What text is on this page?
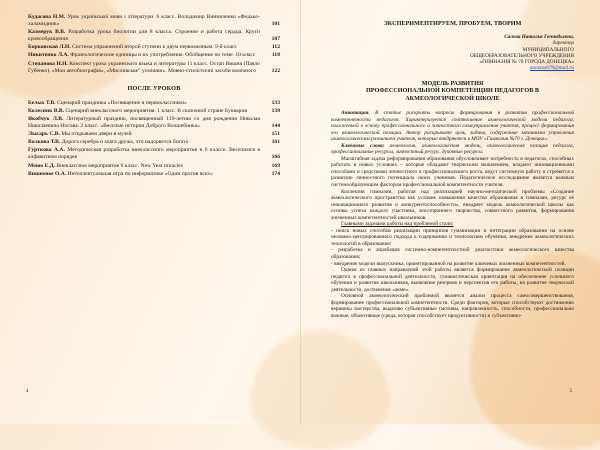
Кудасова Н.М. Урок української мови і літератури. 6 класс. Володимир Винниченко «Федько-халамидник»	101
Казмерук В.В. Разработка урока биологии для 8 класса. Строение и работа сердца. Круги кровообращения	107
Борковская Л.Н. Система упражнений второй ступени к двум первомизным. 9-й класс	112
Никитенко Л.А. Фразеологические единицы и их употребление. Обобщение по теме. 10 класс	118
Степанова Н.Н. Конспект урока украинского языка и литературы 11 класс. Остап Вишня (Павло Губенко). «Мои автобиографія», «Мисливське” усмішки». Мовно-стилістичні засоби комічного	122
ПОСЛЕ УРОКОВ
Белых Т.В. Сценарий праздника «Посвящение в первоклассники»	133
Колесник В.В. Сценарий внеклассного мероприятия. 1 класс. В сказочной стране Букварии	138
Якобчук Л.В. Литературный праздник, посвященный 110-летию со дня рождения Николая Николаевича Носова. 2 класс. «Веселые истории Доброго Волшебника»	144
Лысарь С.В. Мы открываем двери в музей	151
Волкова Т.В. Дорога серебра и злата дружа, что надорвется богата	161
Гурткова А.А. Методическая разработка внеклассного мероприятия в 6 классе. Веселимся в алфавитном порядке	166
Мешо Е.Д. Внеклассное мероприятие 6 класс. New Year miracles	169
Вишневое О.А. Интеллектуальная игра по информатике «Один против всех»	174
4
ЭКСПЕРИМЕНТИРУЕМ, ПРОБУЕМ, ТВОРИМ
Салова Наталья Геннадьевна,
директор
МУНИЦИПАЛЬНОГО
ОБЩЕОБРАЗОВАТЕЛЬНОГО УЧРЕЖДЕНИЯ
«ГИМНАЗИЯ № 70 ГОРОДА ДОНЕЦКА»
donszosh70@mail.ru
МОДЕЛЬ РАЗВИТИЯ
ПРОФЕССИОНАЛЬНОЙ КОМПЕТЕНЦИИ ПЕДАГОГОВ В
АКМЕОЛОГИЧЕСКОЙ ШКОЛЕ

Аннотация. В статье раскрыты вопросы формирования и развития профессиональной компетентности педагогов. Характеризуется соотношение акмеологической модели педагога, положенной в основу профессионального и личностного самоуправления учителя, процесс формирования его акмеологической позиции. Автор раскрывает цель, задачи, содержание механизма управления акмеологическим развитием учителя, которые внедряются в МОУ «Гимназия №70 г. Донецка».

Ключевые слова: акмеология, акмеологическая модель, акмеологическая позиция педагога, профессиональные ресурсы, личностный ресурс, духовные ресурсы.

Масштабная задача реформирования образования обусловливает потребность в педагогах, способных работать в новых условиях – которые обладают творческим мышлением, владеют инновационными способами и средствами личностного и профессионального роста, ведут системную работу и стремятся к развитию личностного потенциала своих учеников. Педагогическое исследование является важным системообразующим фактором профессиональной компетентности учителя.

Коллектив гимназии, работая над реализацией научно-методической проблемы «Создание акмеологического пространства как условие повышения качества образования в гимназии, ресурс её инновационного развития и конкурентоспособности», внедряет модель акмеологической школы как основы успеха каждого участника, всестороннего творчества, совместного развития, формирования жизненных компетентностей школьников.

Главными задачами работы над проблемой стали:

- поиск новых способов реализации принципов гуманизации и интеграции образования на основе человеко-центрированного подхода к содержанию и технологиям обучения, внедрение акмеологических технологий в образование;

- разработка и апробация системно-компетентностной диагностики акмеологического качества образования;

- внедрение модели выпускника, ориентированной на развитие ключевых жизненных компетентностей.

Одним из главных направлений этой работы является формирование акмеологической позиции педагога в профессиональной деятельности, гуманистическая ориентация на обеспечение успешного обучения и развития школьников, выявление резервов и перспектив его работы, на развитие творческой деятельности, достижение «акме».

Основной акмеологический проблемой является анализ процесса самосовершенствования, формирование профессиональной компетентности. Среди факторов, которые способствуют достижению вершины мастерства, выделяю субъективные (мотивы, направленность, способности, профессионально важные, объективные (среда, которая способствует продуктивности) и субъективно-

5
